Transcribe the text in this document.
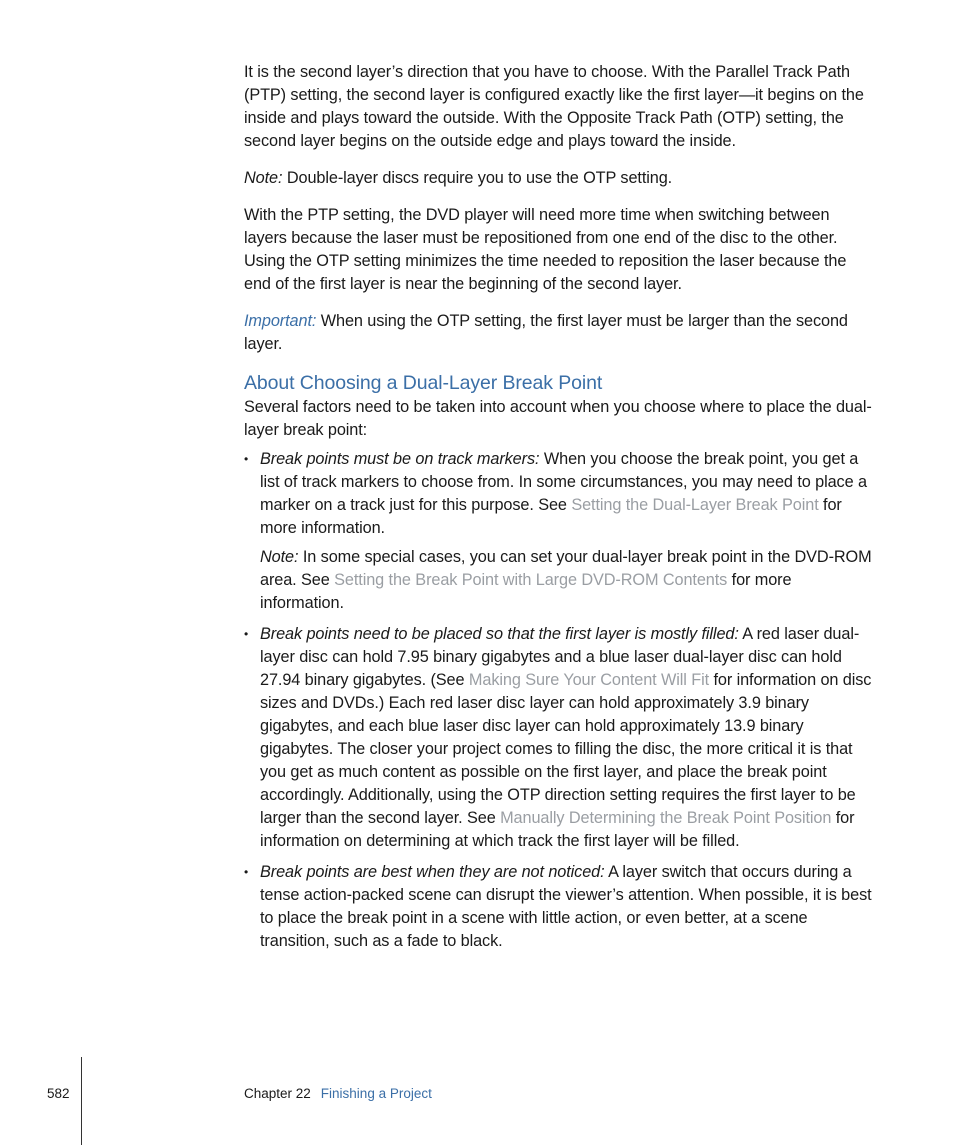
It is the second layer’s direction that you have to choose. With the Parallel Track Path (PTP) setting, the second layer is configured exactly like the first layer—it begins on the inside and plays toward the outside. With the Opposite Track Path (OTP) setting, the second layer begins on the outside edge and plays toward the inside.

Note: Double-layer discs require you to use the OTP setting.

With the PTP setting, the DVD player will need more time when switching between layers because the laser must be repositioned from one end of the disc to the other. Using the OTP setting minimizes the time needed to reposition the laser because the end of the first layer is near the beginning of the second layer.

Important: When using the OTP setting, the first layer must be larger than the second layer.

About Choosing a Dual-Layer Break Point

Several factors need to be taken into account when you choose where to place the dual-layer break point:

• Break points must be on track markers: When you choose the break point, you get a list of track markers to choose from. In some circumstances, you may need to place a marker on a track just for this purpose. See Setting the Dual-Layer Break Point for more information.

Note: In some special cases, you can set your dual-layer break point in the DVD-ROM area. See Setting the Break Point with Large DVD-ROM Contents for more information.

• Break points need to be placed so that the first layer is mostly filled: A red laser dual-layer disc can hold 7.95 binary gigabytes and a blue laser dual-layer disc can hold 27.94 binary gigabytes. (See Making Sure Your Content Will Fit for information on disc sizes and DVDs.) Each red laser disc layer can hold approximately 3.9 binary gigabytes, and each blue laser disc layer can hold approximately 13.9 binary gigabytes. The closer your project comes to filling the disc, the more critical it is that you get as much content as possible on the first layer, and place the break point accordingly. Additionally, using the OTP direction setting requires the first layer to be larger than the second layer. See Manually Determining the Break Point Position for information on determining at which track the first layer will be filled.
• Break points are best when they are not noticed: A layer switch that occurs during a tense action-packed scene can disrupt the viewer’s attention. When possible, it is best to place the break point in a scene with little action, or even better, at a scene transition, such as a fade to black.
582	Chapter 22 Finishing a Project
